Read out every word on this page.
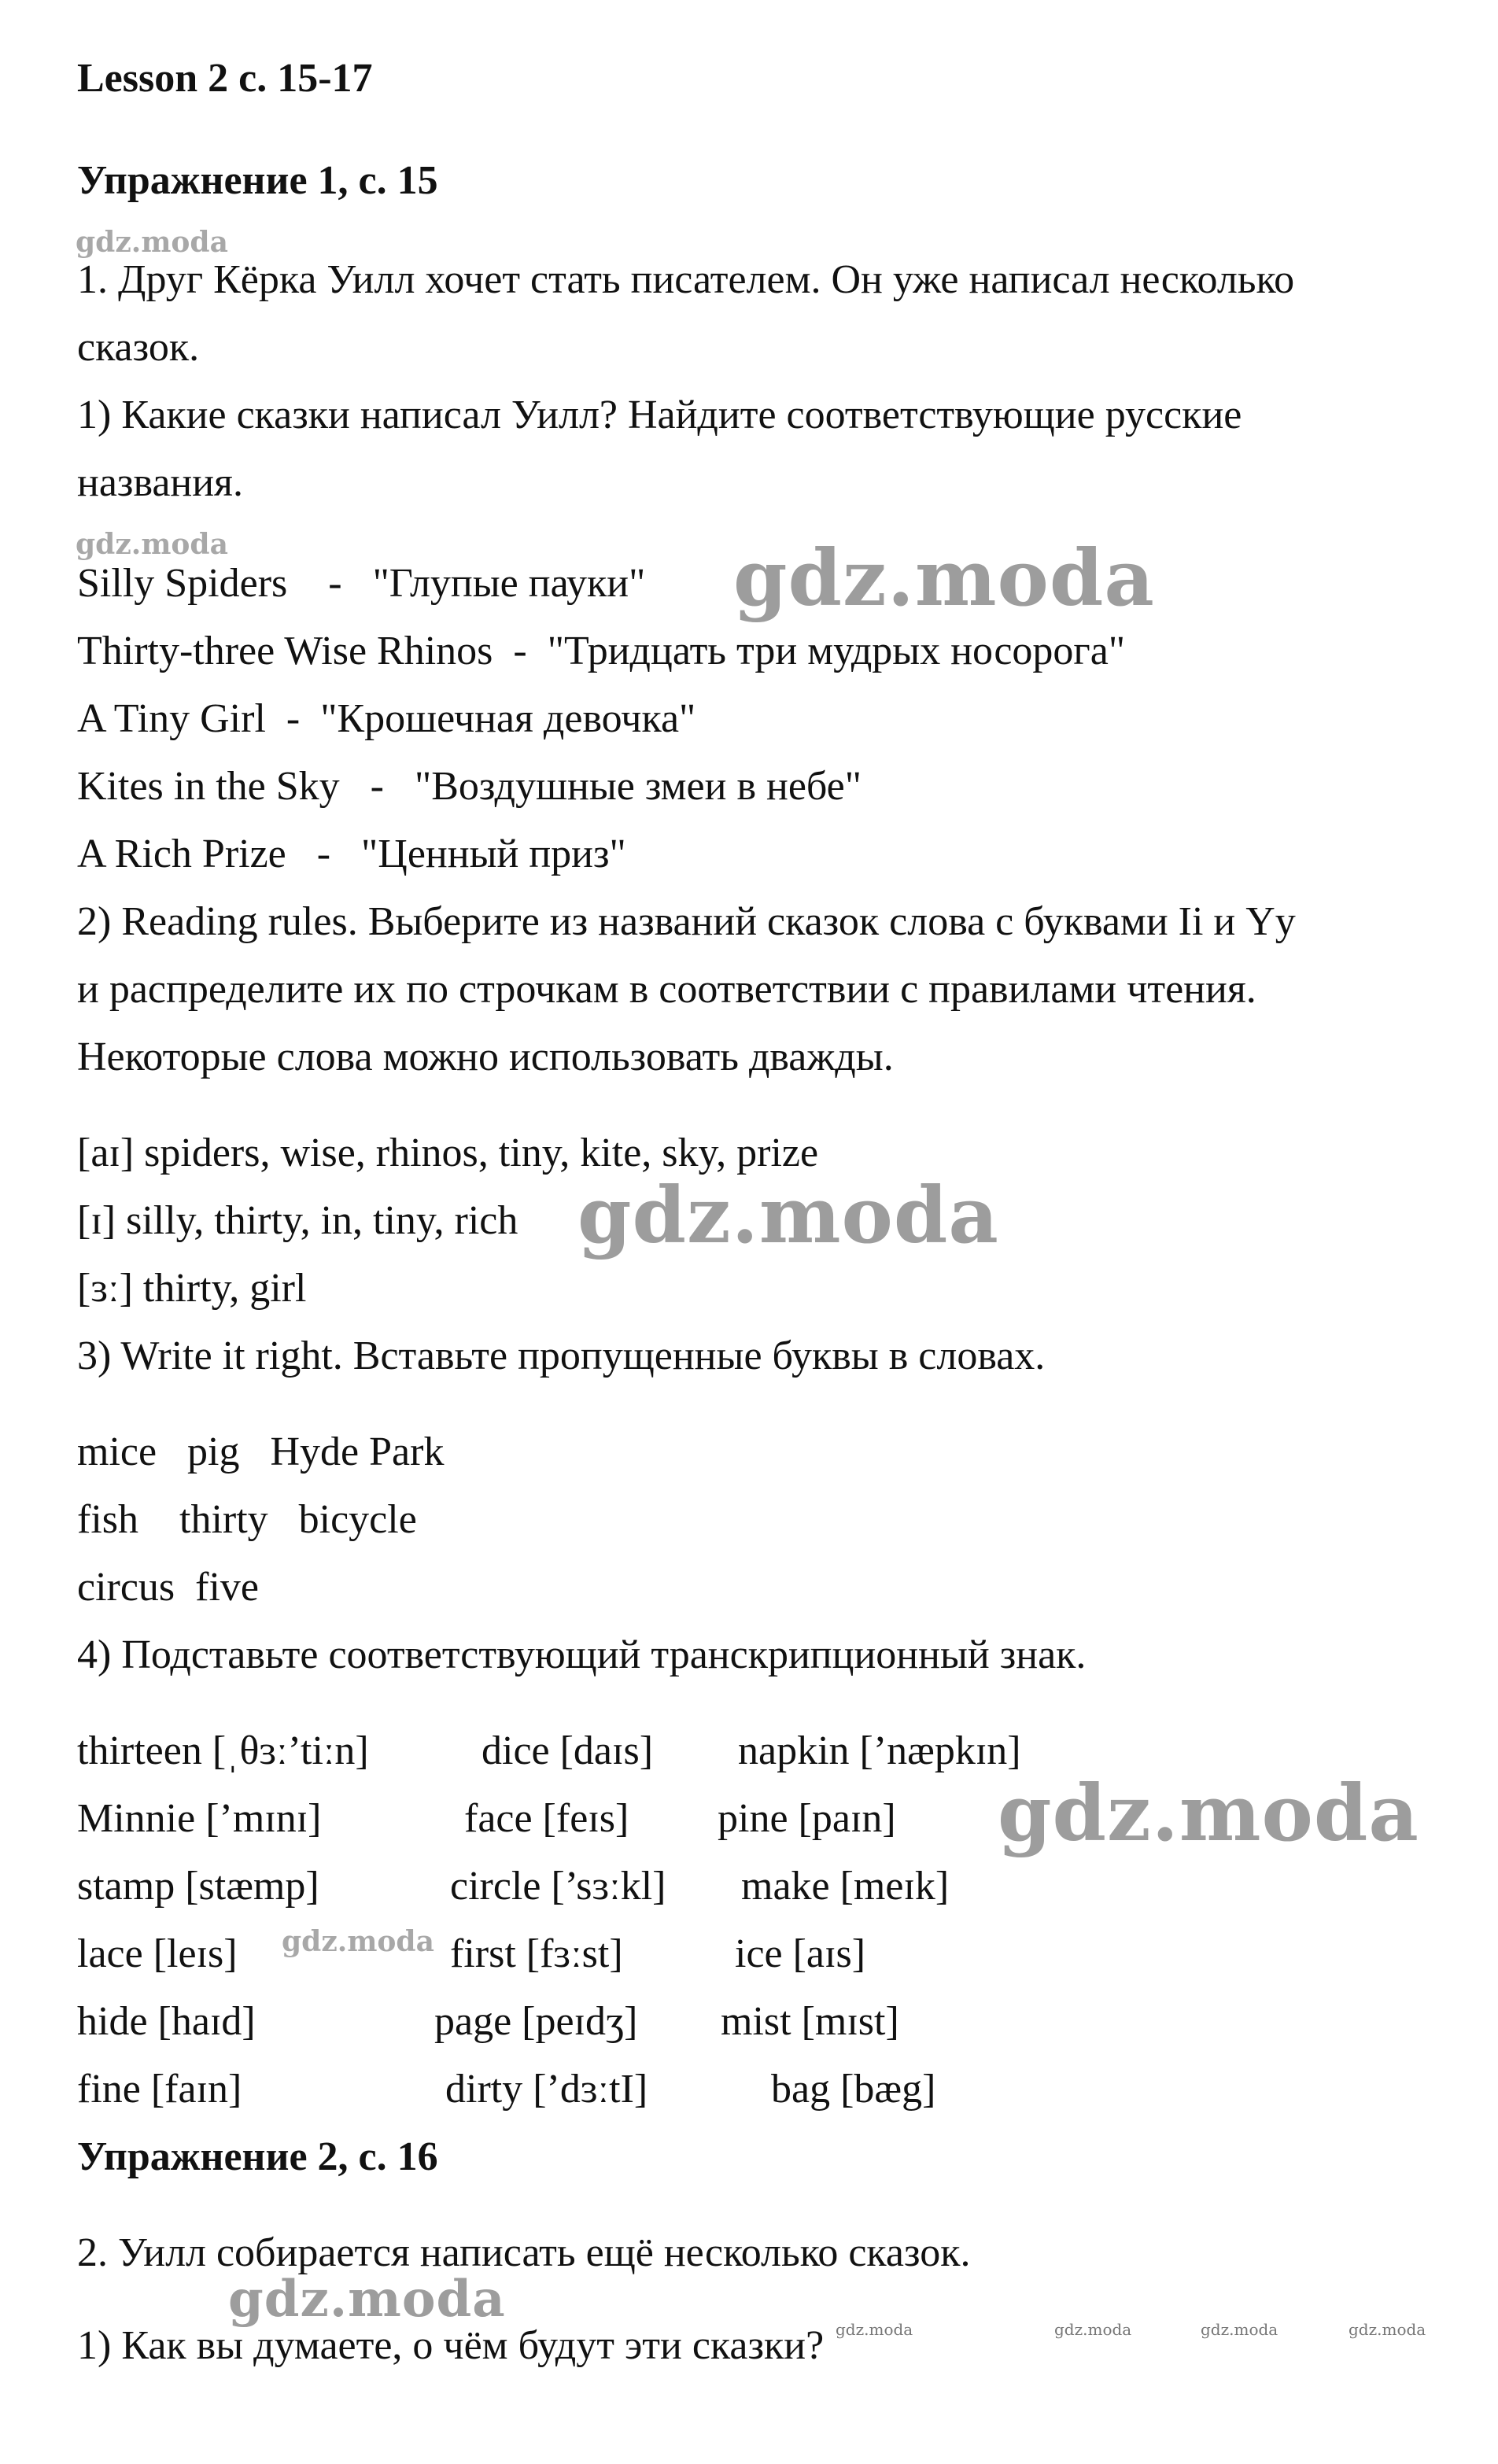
Lesson 2 с. 15-17
Упражнение 1, с. 15
gdz.moda
1. Друг Кёрка Уилл хочет стать писателем. Он уже написал несколько
сказок.
1) Какие сказки написал Уилл? Найдите соответствующие русские
названия.
gdz.moda
Silly Spiders    -   "Глупые пауки" gdz.moda
Thirty-three Wise Rhinos  -  "Тридцать три мудрых носорога"
A Tiny Girl  -  "Крошечная девочка"
Kites in the Sky   -   "Воздушные змеи в небе"
A Rich Prize   -   "Ценный приз"
2) Reading rules. Выберите из названий сказок слова с буквами Ii и Yy
и распределите их по строчкам в соответствии с правилами чтения.
Некоторые слова можно использовать дважды.
[aɪ] spiders, wise, rhinos, tiny, kite, sky, prize
[ɪ] silly, thirty, in, tiny, rich gdz.moda
[ɜː] thirty, girl
3) Write it right. Вставьте пропущенные буквы в словах.
mice   pig   Hyde Park
fish    thirty   bicycle
circus  five
4) Подставьте соответствующий транскрипционный знак.
thirteen [ˌθɜː’tiːn]	dice [daɪs] napkin [’næpkɪn]
Minnie [’mɪnɪ]	face [feɪs] pine [paɪn] gdz.moda
stamp [stæmp]	circle [’sɜːkl] make [meɪk]
lace [leɪs] gdz.moda first [fɜːst]	ice [aɪs]
hide [haɪd]	page [peɪdʒ] mist [mɪst]
fine [faɪn]	dirty [’dɜːtI]	bag [bæg]
Упражнение 2, с. 16
2. Уилл собирается написать ещё несколько сказок.
gdz.moda
1) Как вы думаете, о чём будут эти сказки? gdz.moda	gdz.moda	gdz.moda	gdz.moda
